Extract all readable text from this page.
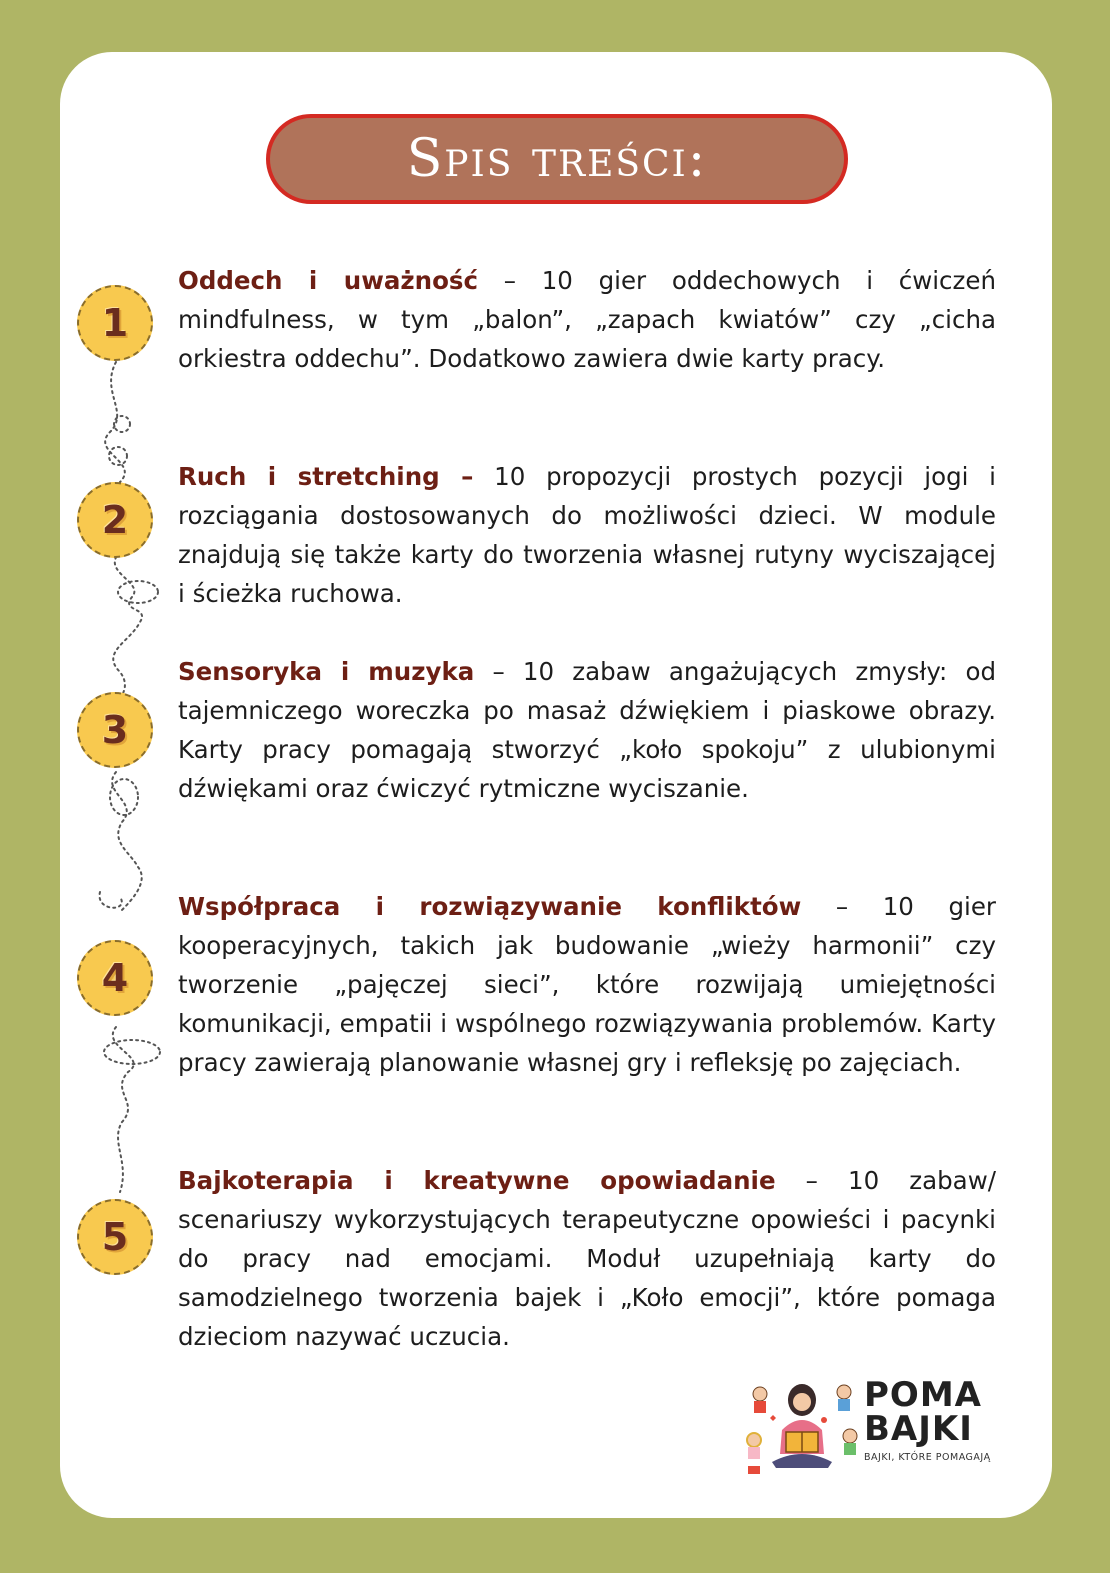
Spis treści:
1
2
3
4
5
Oddech i uważność – 10 gier oddechowych i ćwiczeń mindfulness, w tym „balon”, „zapach kwiatów” czy „cicha orkiestra oddechu”. Dodatkowo zawiera dwie karty pracy.
Ruch i stretching – 10 propozycji prostych pozycji jogi i rozciągania dostosowanych do możliwości dzieci. W module znajdują się także karty do tworzenia własnej rutyny wyciszającej i ścieżka ruchowa.
Sensoryka i muzyka – 10 zabaw angażujących zmysły: od tajemniczego woreczka po masaż dźwiękiem i piaskowe obrazy. Karty pracy pomagają stworzyć „koło spokoju” z ulubionymi dźwiękami oraz ćwiczyć rytmiczne wyciszanie.
Współpraca i rozwiązywanie konfliktów – 10 gier kooperacyjnych, takich jak budowanie „wieży harmonii” czy tworzenie „pajęczej sieci”, które rozwijają umiejętności komunikacji, empatii i wspólnego rozwiązywania problemów. Karty pracy zawierają planowanie własnej gry i refleksję po zajęciach.
Bajkoterapia i kreatywne opowiadanie – 10 zabaw/ scenariuszy wykorzystujących terapeutyczne opowieści i pacynki do pracy nad emocjami. Moduł uzupełniają karty do samodzielnego tworzenia bajek i „Koło emocji”, które pomaga dzieciom nazywać uczucia.
POMA
BAJKI
BAJKI, KTÓRE POMAGAJĄ
